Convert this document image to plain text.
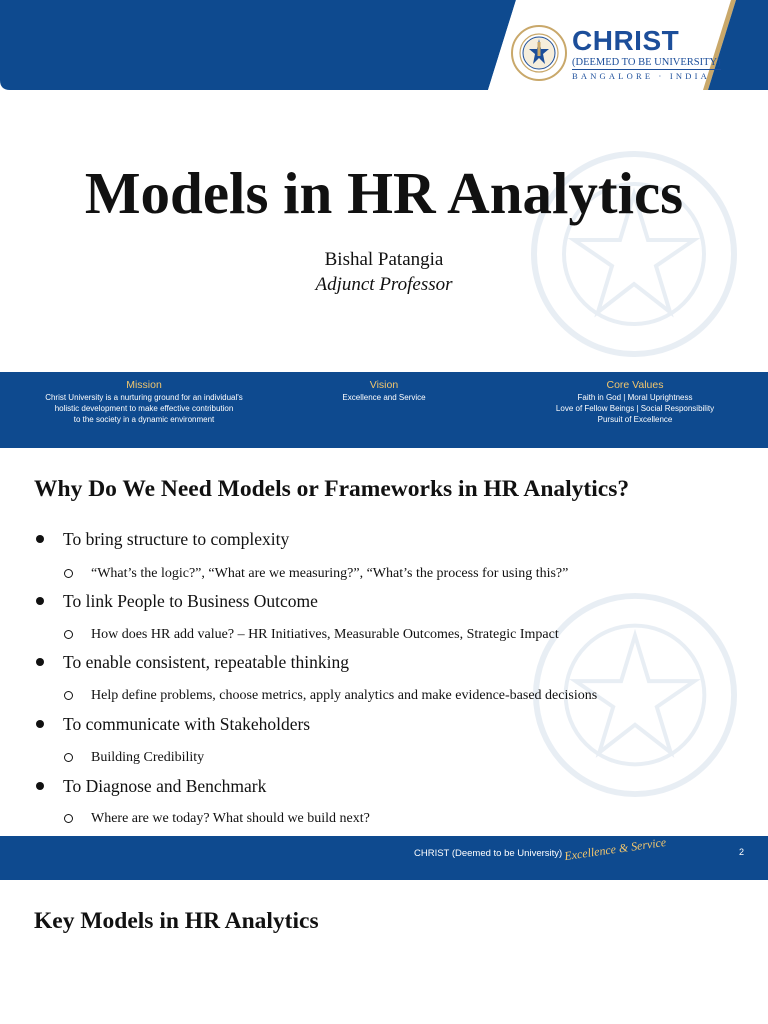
CHRIST
(DEEMED TO BE UNIVERSITY)
BANGALORE · INDIA
Models in HR Analytics
Bishal Patangia
Adjunct Professor
Mission
Christ University is a nurturing ground for an individual's
holistic development to make effective contribution
to the society in a dynamic environment
Vision
Excellence and Service
Core Values
Faith in God | Moral Uprightness
Love of Fellow Beings | Social Responsibility
Pursuit of Excellence
Why Do We Need Models or Frameworks in HR Analytics?
To bring structure to complexity
“What’s the logic?”, “What are we measuring?”, “What’s the process for using this?”
To link People to Business Outcome
How does HR add value? – HR Initiatives, Measurable Outcomes, Strategic Impact
To enable consistent, repeatable thinking
Help define problems, choose metrics, apply analytics and make evidence-based decisions
To communicate with Stakeholders
Building Credibility
To Diagnose and Benchmark
Where are we today? What should we build next?
CHRIST (Deemed to be University) Excellence & Service	2
Key Models in HR Analytics
